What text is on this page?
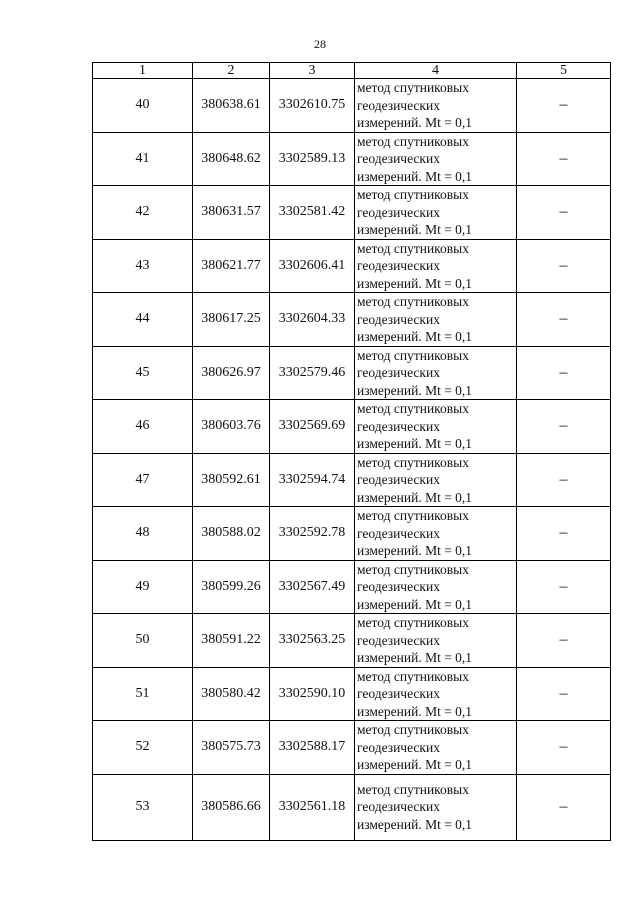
28
1	2	3	4	5
40	380638.61	3302610.75	метод спутниковых
геодезических
измерений. Mt = 0,1	–
41	380648.62	3302589.13	метод спутниковых
геодезических
измерений. Mt = 0,1	–
42	380631.57	3302581.42	метод спутниковых
геодезических
измерений. Mt = 0,1	–
43	380621.77	3302606.41	метод спутниковых
геодезических
измерений. Mt = 0,1	–
44	380617.25	3302604.33	метод спутниковых
геодезических
измерений. Mt = 0,1	–
45	380626.97	3302579.46	метод спутниковых
геодезических
измерений. Mt = 0,1	–
46	380603.76	3302569.69	метод спутниковых
геодезических
измерений. Mt = 0,1	–
47	380592.61	3302594.74	метод спутниковых
геодезических
измерений. Mt = 0,1	–
48	380588.02	3302592.78	метод спутниковых
геодезических
измерений. Mt = 0,1	–
49	380599.26	3302567.49	метод спутниковых
геодезических
измерений. Mt = 0,1	–
50	380591.22	3302563.25	метод спутниковых
геодезических
измерений. Mt = 0,1	–
51	380580.42	3302590.10	метод спутниковых
геодезических
измерений. Mt = 0,1	–
52	380575.73	3302588.17	метод спутниковых
геодезических
измерений. Mt = 0,1	–
53	380586.66	3302561.18	метод спутниковых
геодезических
измерений. Mt = 0,1	–
